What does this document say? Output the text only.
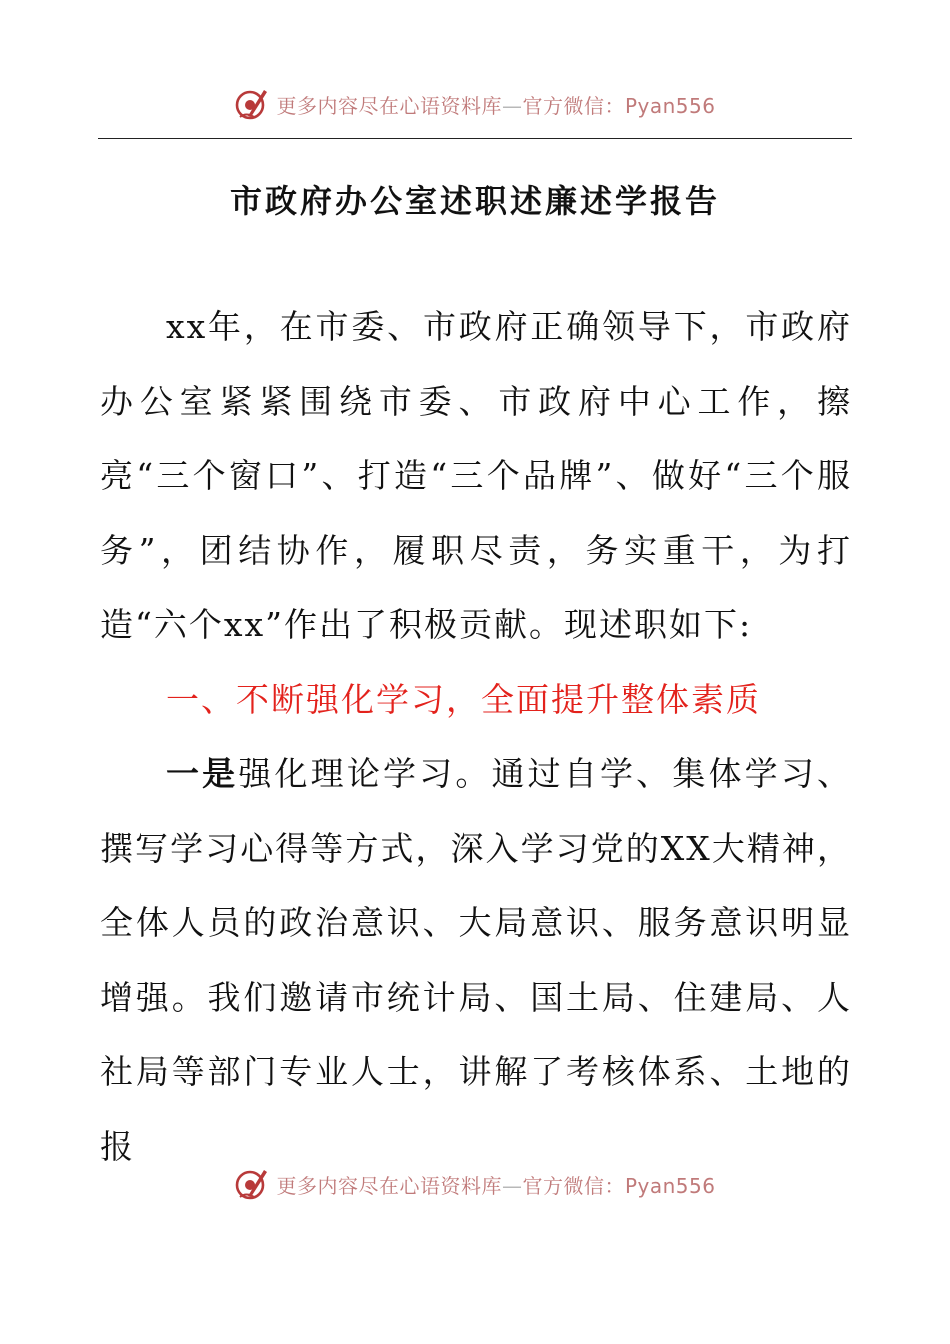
更多内容尽在心语资料库—官方微信：Pyan556
市政府办公室述职述廉述学报告

xx年，在市委、市政府正确领导下，市政府办公室紧紧围绕市委、市政府中心工作，擦亮“三个窗口”、打造“三个品牌”、做好“三个服务”，团结协作，履职尽责，务实重干，为打造“六个xx”作出了积极贡献。现述职如下:

一、不断强化学习，全面提升整体素质

一是强化理论学习。通过自学、集体学习、撰写学习心得等方式，深入学习党的XX大精神，全体人员的政治意识、大局意识、服务意识明显增强。我们邀请市统计局、国土局、住建局、人社局等部门专业人士，讲解了考核体系、土地的报

更多内容尽在心语资料库—官方微信：Pyan556
